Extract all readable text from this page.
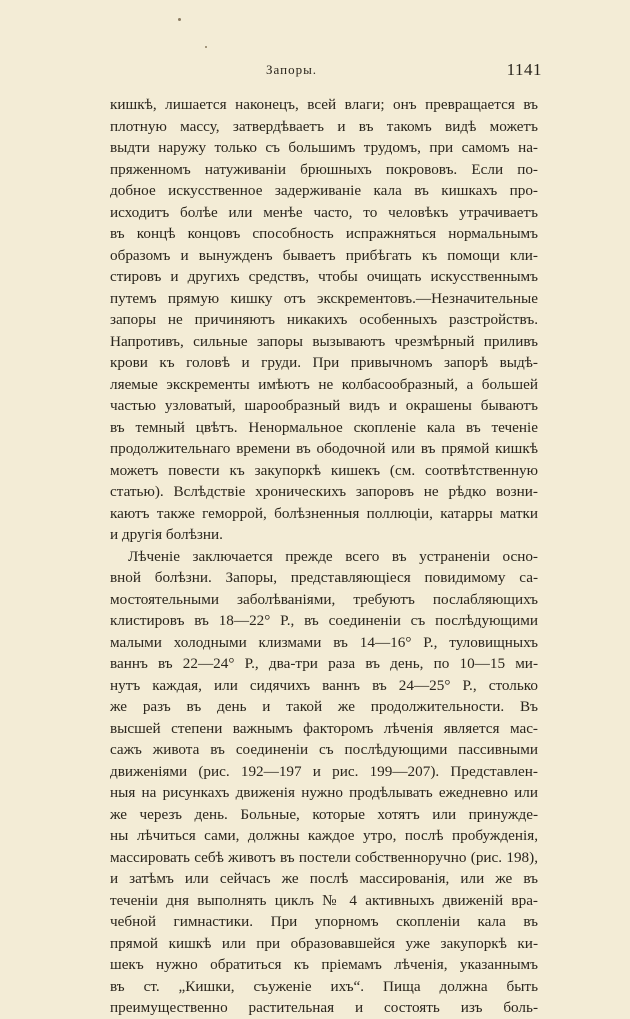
Запоры.	1141
кишкѣ, лишается наконецъ, всей влаги; онъ превращается въ
плотную массу, затвердѣваетъ и въ такомъ видѣ можетъ
выдти наружу только съ большимъ трудомъ, при самомъ на-
пряженномъ натуживаніи брюшныхъ покрововъ. Если по-
добное искусственное задерживаніе кала въ кишкахъ про-
исходитъ болѣе или менѣе часто, то человѣкъ утрачиваетъ
въ концѣ концовъ способность испражняться нормальнымъ
образомъ и вынужденъ бываетъ прибѣгать къ помощи кли-
стировъ и другихъ средствъ, чтобы очищать искусственнымъ
путемъ прямую кишку отъ экскрементовъ.—Незначительные
запоры не причиняютъ никакихъ особенныхъ разстройствъ.
Напротивъ, сильные запоры вызываютъ чрезмѣрный приливъ
крови къ головѣ и груди. При привычномъ запорѣ выдѣ-
ляемые экскременты имѣютъ не колбасообразный, а большей
частью узловатый, шарообразный видъ и окрашены бываютъ
въ темный цвѣтъ. Ненормальное скопленіе кала въ теченіе
продолжительнаго времени въ ободочной или въ прямой кишкѣ
можетъ повести къ закупоркѣ кишекъ (см. соотвѣтственную
статью). Вслѣдствіе хроническихъ запоровъ не рѣдко возни-
каютъ также геморрой, болѣзненныя поллюціи, катарры матки
и другія болѣзни.
Лѣченіе заключается прежде всего въ устраненіи осно-
вной болѣзни. Запоры, представляющіеся повидимому са-
мостоятельными заболѣваніями, требуютъ послабляющихъ
клистировъ въ 18—22° Р., въ соединеніи съ послѣдующими
малыми холодными клизмами въ 14—16° Р., туловищныхъ
ваннъ въ 22—24° Р., два-три раза въ день, по 10—15 ми-
нутъ каждая, или сидячихъ ваннъ въ 24—25° Р., столько
же разъ въ день и такой же продолжительности. Въ
высшей степени важнымъ факторомъ лѣченія является мас-
сажъ живота въ соединеніи съ послѣдующими пассивными
движеніями (рис. 192—197 и рис. 199—207). Представлен-
ныя на рисункахъ движенія нужно продѣлывать ежедневно или
же черезъ день. Больные, которые хотятъ или принужде-
ны лѣчиться сами, должны каждое утро, послѣ пробужденія,
массировать себѣ животъ въ постели собственноручно (рис. 198),
и затѣмъ или сейчасъ же послѣ массированія, или же въ
теченіи дня выполнять циклъ № 4 активныхъ движеній вра-
чебной гимнастики. При упорномъ скопленіи кала въ
прямой кишкѣ или при образовавшейся уже закупоркѣ ки-
шекъ нужно обратиться къ пріемамъ лѣченія, указаннымъ
въ ст. „Кишки, съуженіе ихъ“. Пища должна быть
преимущественно растительная и состоять изъ боль-
